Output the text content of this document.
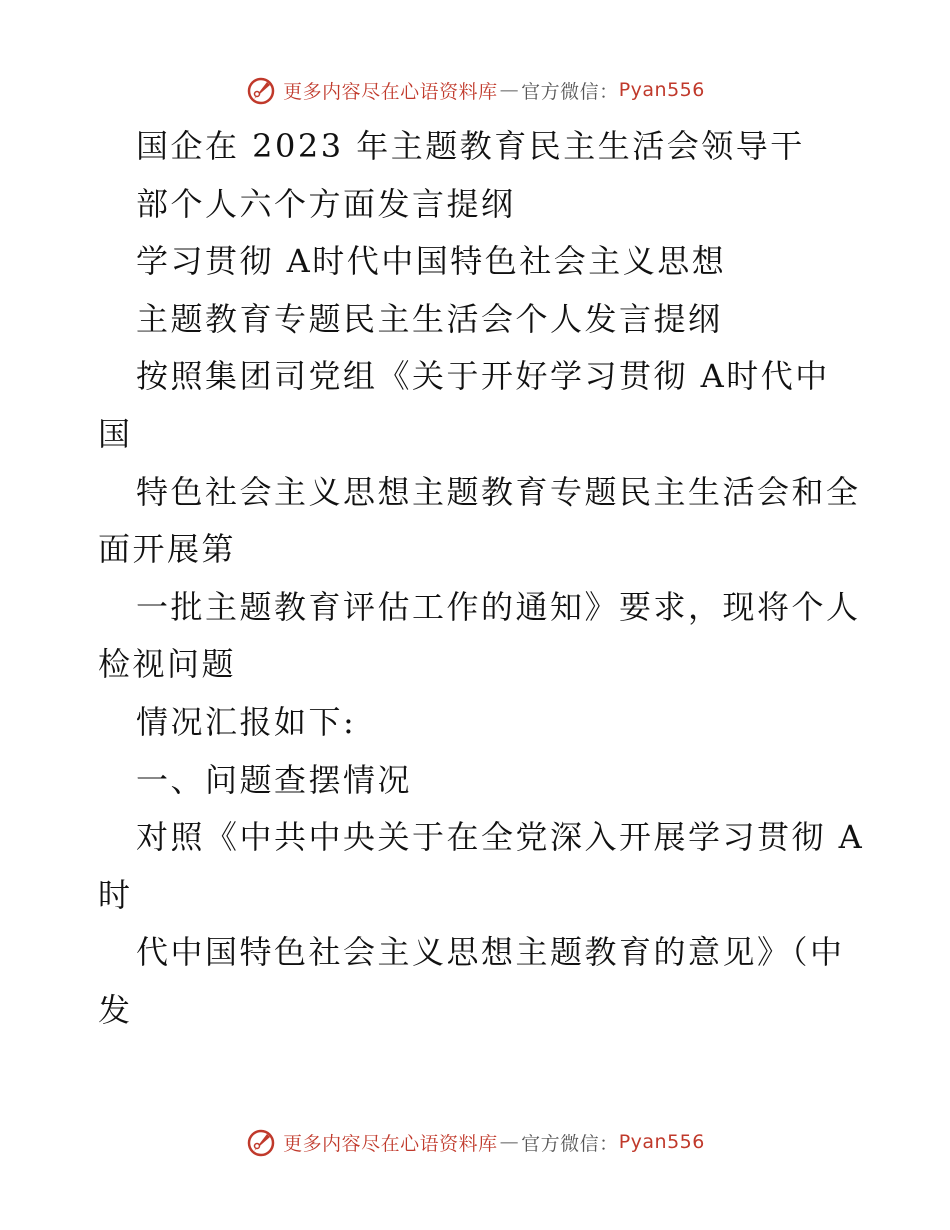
更多内容尽在心语资料库 — 官方微信： Pyan556
国企在 2023 年主题教育民主生活会领导干
部个人六个方面发言提纲
学习贯彻 A时代中国特色社会主义思想
主题教育专题民主生活会个人发言提纲
按照集团司党组《关于开好学习贯彻 A时代中
国
特色社会主义思想主题教育专题民主生活会和全
面开展第
一批主题教育评估工作的通知》要求，现将个人
检视问题
情况汇报如下:
一、问题查摆情况
对照《中共中央关于在全党深入开展学习贯彻 A
时
代中国特色社会主义思想主题教育的意见》（中
发
更多内容尽在心语资料库 — 官方微信： Pyan556
